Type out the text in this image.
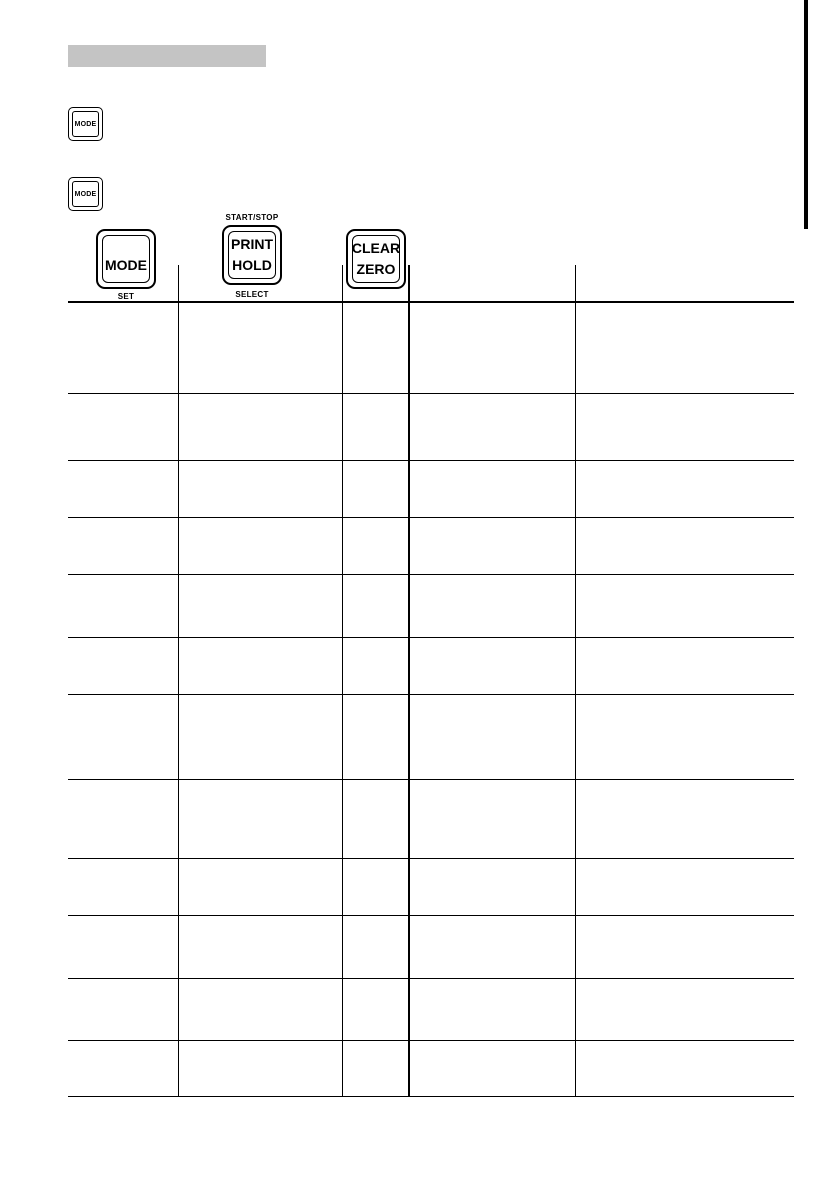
MODE
MODE
MODE
SET
START/STOP
PRINT
HOLD
SELECT
CLEAR
ZERO
